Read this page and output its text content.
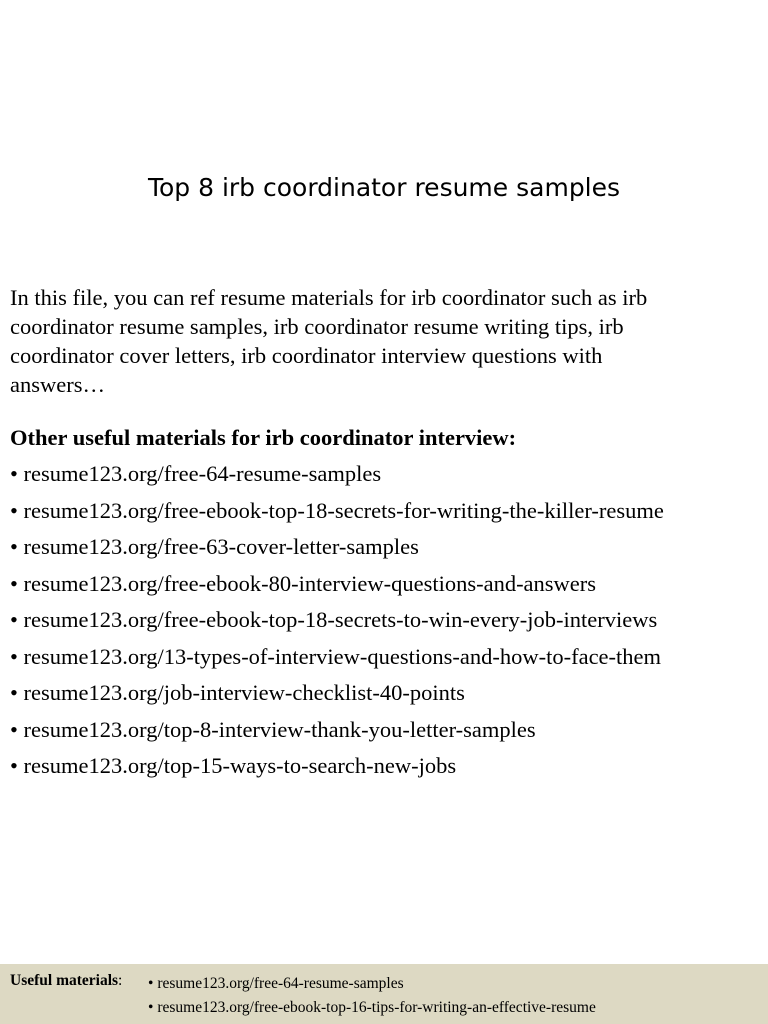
Top 8 irb coordinator resume samples
In this file, you can ref resume materials for irb coordinator such as irb
coordinator resume samples, irb coordinator resume writing tips, irb
coordinator cover letters, irb coordinator interview questions with
answers…
Other useful materials for irb coordinator interview:
• resume123.org/free-64-resume-samples
• resume123.org/free-ebook-top-18-secrets-for-writing-the-killer-resume
• resume123.org/free-63-cover-letter-samples
• resume123.org/free-ebook-80-interview-questions-and-answers
• resume123.org/free-ebook-top-18-secrets-to-win-every-job-interviews
• resume123.org/13-types-of-interview-questions-and-how-to-face-them
• resume123.org/job-interview-checklist-40-points
• resume123.org/top-8-interview-thank-you-letter-samples
• resume123.org/top-15-ways-to-search-new-jobs
Useful materials: • resume123.org/free-64-resume-samples
• resume123.org/free-ebook-top-16-tips-for-writing-an-effective-resume
